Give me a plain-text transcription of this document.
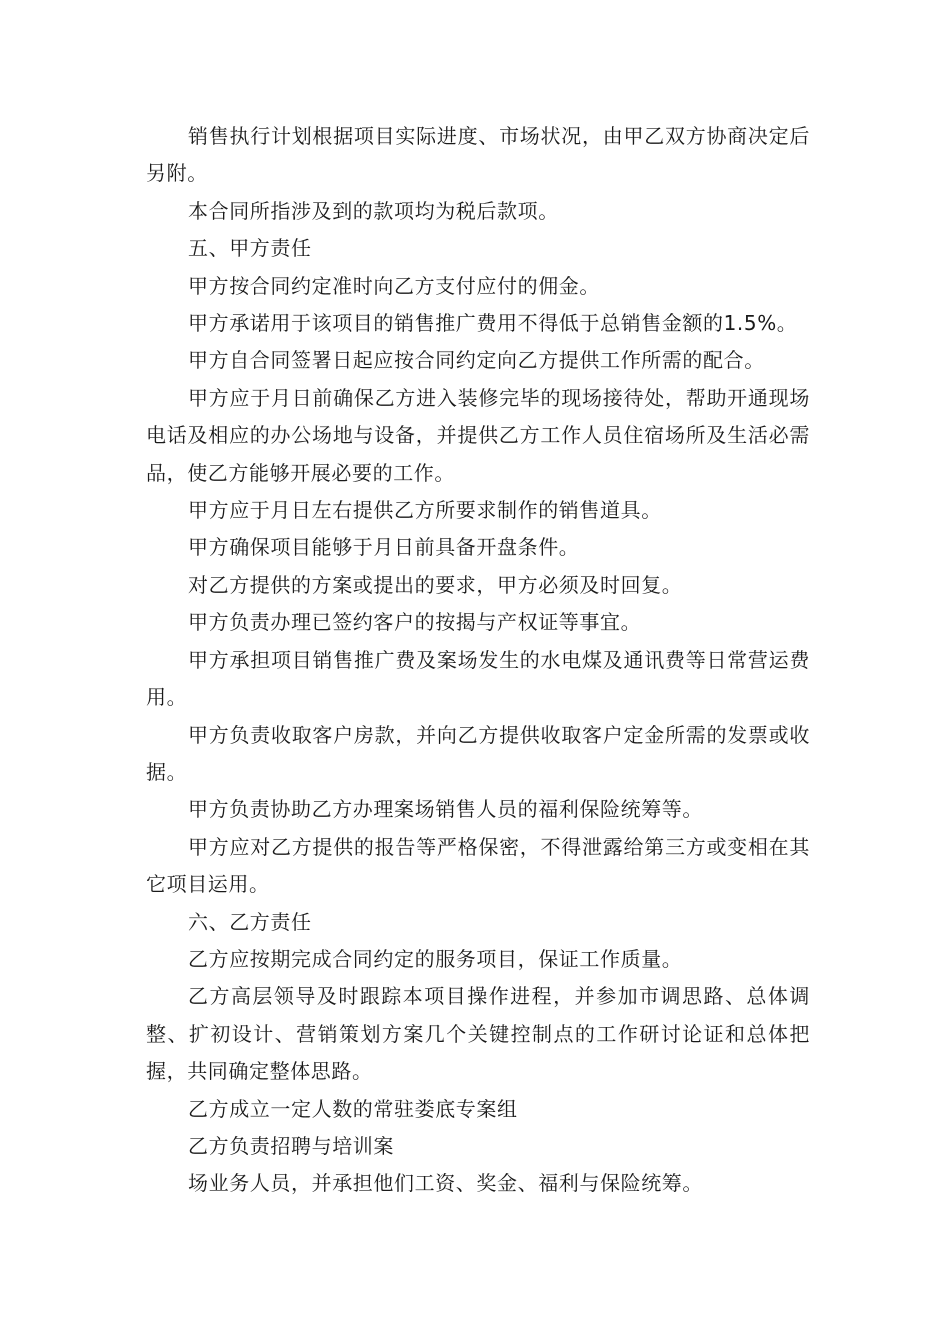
销售执行计划根据项目实际进度、市场状况，由甲乙双方协商决定后另附。

本合同所指涉及到的款项均为税后款项。

五、甲方责任

甲方按合同约定准时向乙方支付应付的佣金。

甲方承诺用于该项目的销售推广费用不得低于总销售金额的1.5%。

甲方自合同签署日起应按合同约定向乙方提供工作所需的配合。

甲方应于月日前确保乙方进入装修完毕的现场接待处，帮助开通现场电话及相应的办公场地与设备，并提供乙方工作人员住宿场所及生活必需品，使乙方能够开展必要的工作。

甲方应于月日左右提供乙方所要求制作的销售道具。

甲方确保项目能够于月日前具备开盘条件。

对乙方提供的方案或提出的要求，甲方必须及时回复。

甲方负责办理已签约客户的按揭与产权证等事宜。

甲方承担项目销售推广费及案场发生的水电煤及通讯费等日常营运费用。

甲方负责收取客户房款，并向乙方提供收取客户定金所需的发票或收据。

甲方负责协助乙方办理案场销售人员的福利保险统筹等。

甲方应对乙方提供的报告等严格保密，不得泄露给第三方或变相在其它项目运用。

六、乙方责任

乙方应按期完成合同约定的服务项目，保证工作质量。

乙方高层领导及时跟踪本项目操作进程，并参加市调思路、总体调整、扩初设计、营销策划方案几个关键控制点的工作研讨论证和总体把握，共同确定整体思路。

乙方成立一定人数的常驻娄底专案组

乙方负责招聘与培训案

场业务人员，并承担他们工资、奖金、福利与保险统筹。
